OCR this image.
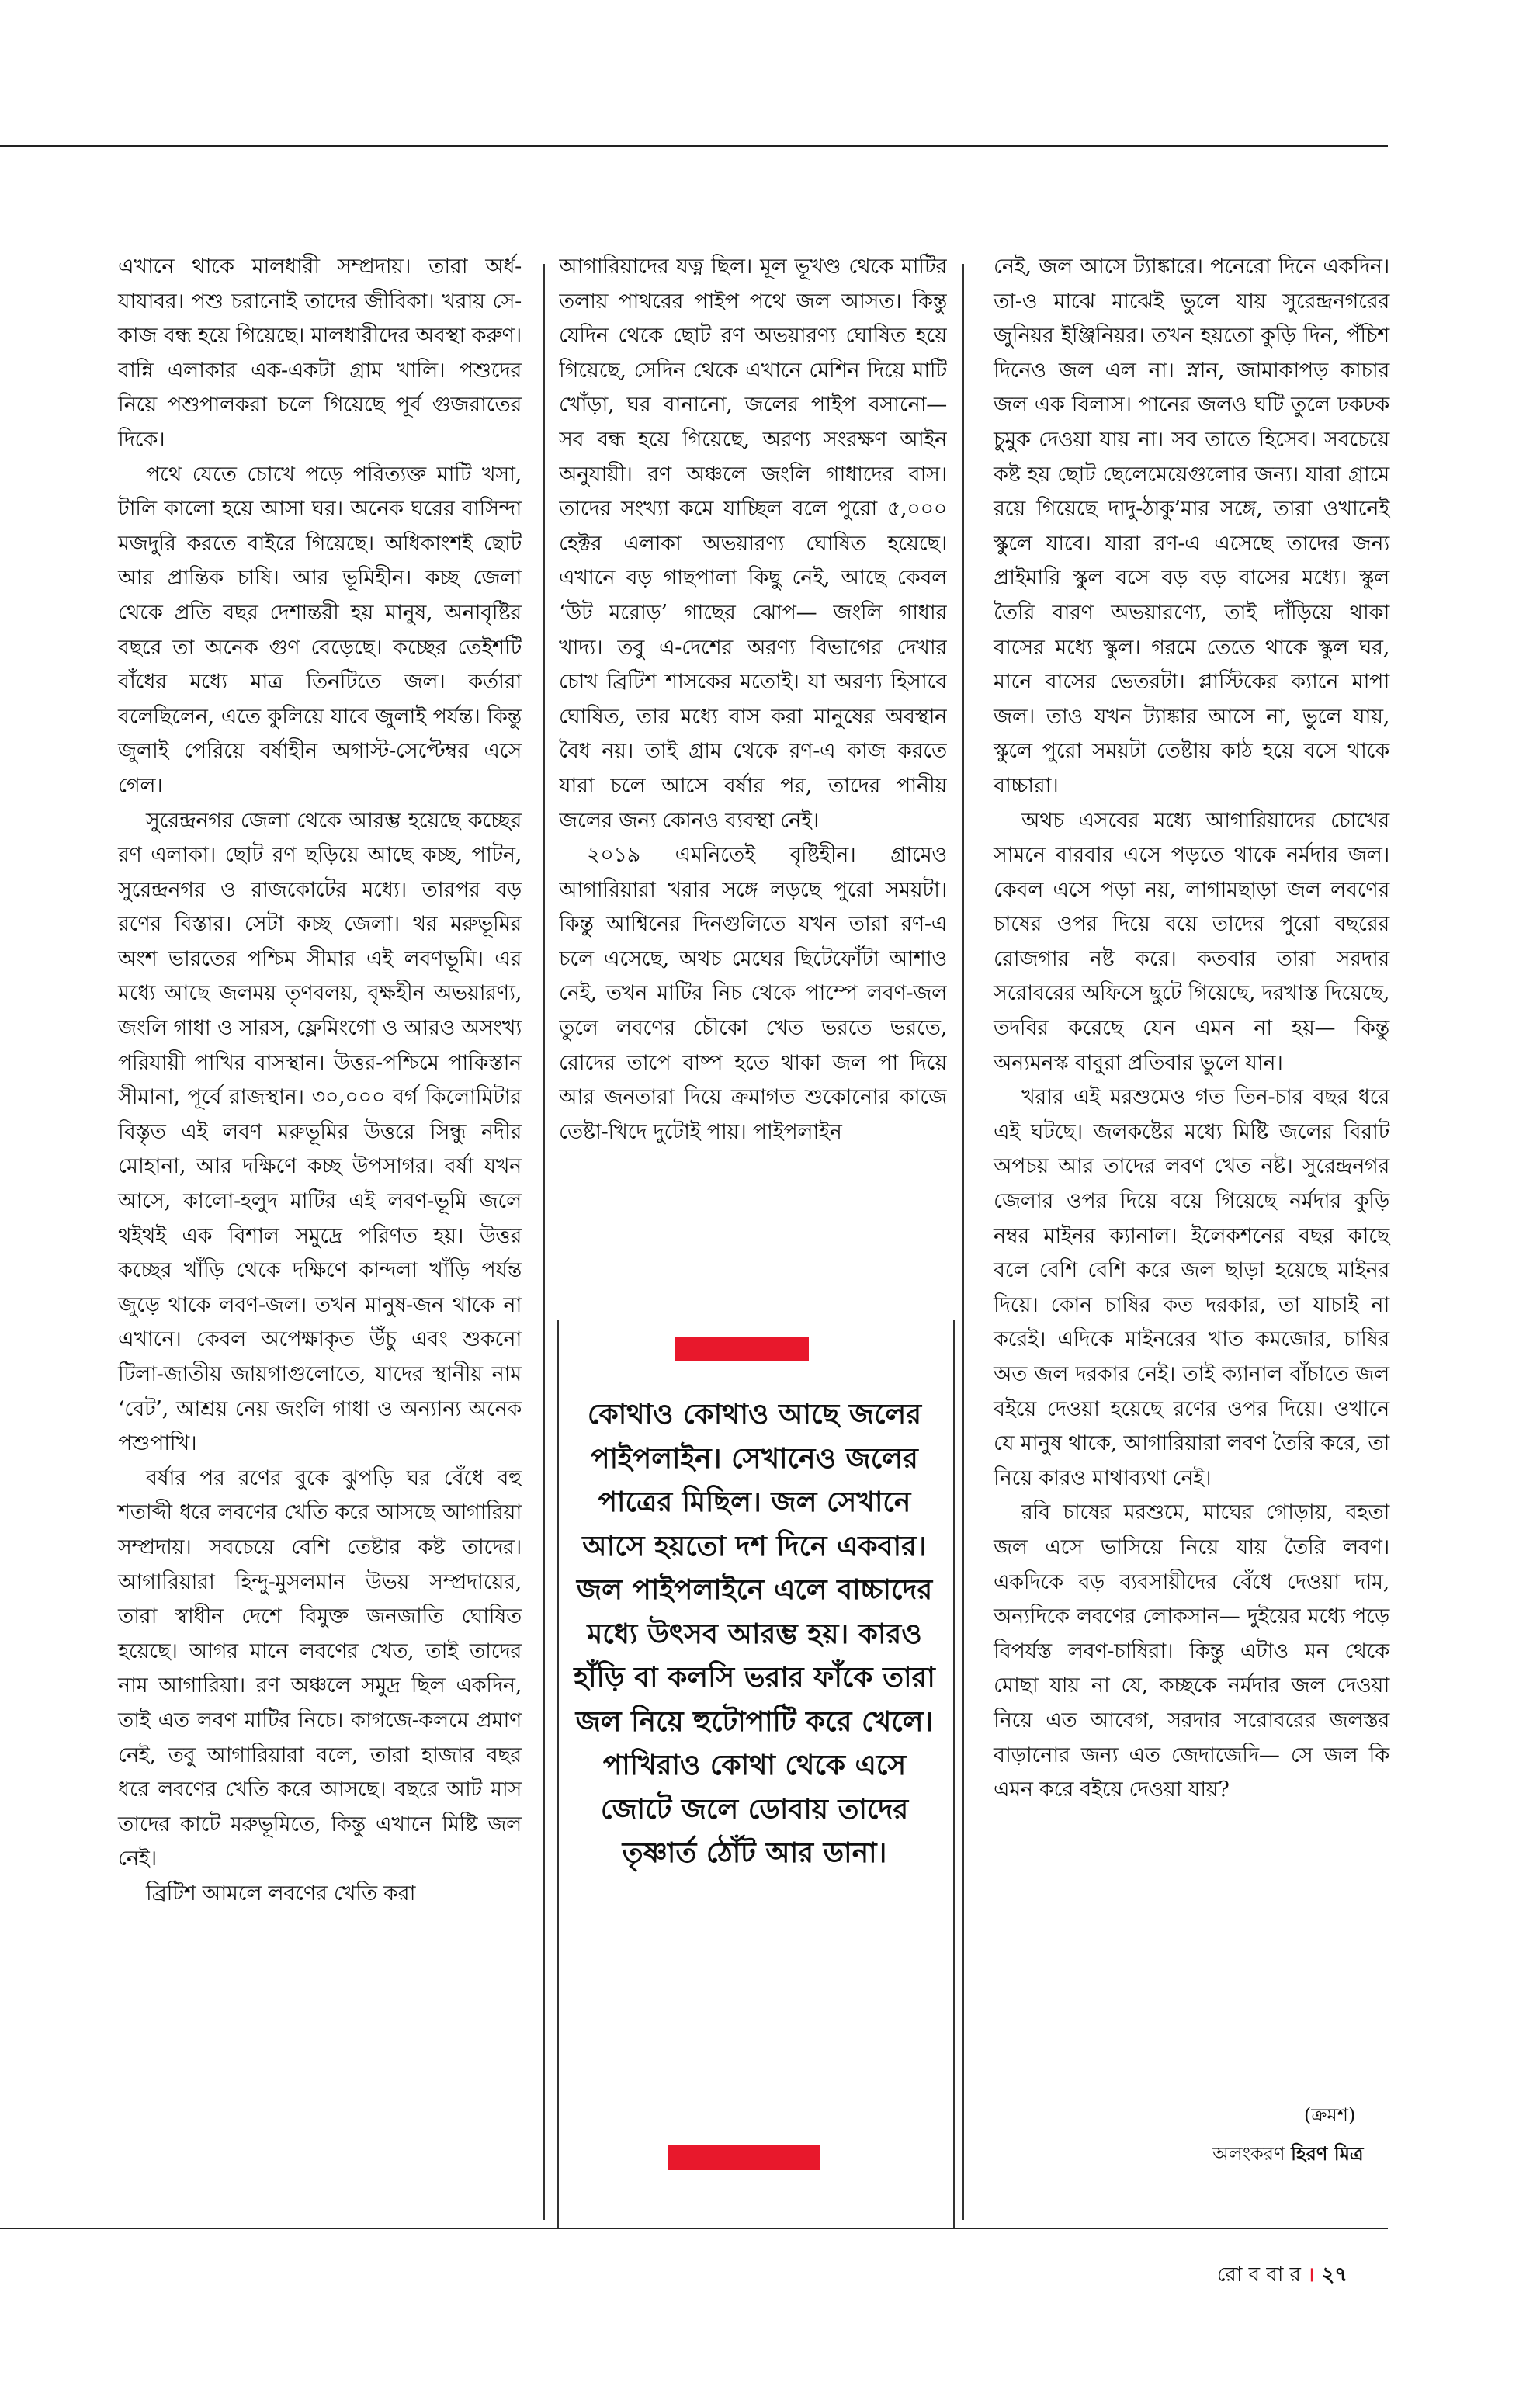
এখানে থাকে মালধারী সম্প্রদায়। তারা অর্ধ-যাযাবর। পশু চরানোই তাদের জীবিকা। খরায় সে-কাজ বন্ধ হয়ে গিয়েছে। মালধারীদের অবস্থা করুণ। বান্নি এলাকার এক-একটা গ্রাম খালি। পশুদের নিয়ে পশুপালকরা চলে গিয়েছে পূর্ব গুজরাতের দিকে।

পথে যেতে চোখে পড়ে পরিত্যক্ত মাটি খসা, টালি কালো হয়ে আসা ঘর। অনেক ঘরের বাসিন্দা মজদুরি করতে বাইরে গিয়েছে। অধিকাংশই ছোট আর প্রান্তিক চাষি। আর ভূমিহীন। কচ্ছ জেলা থেকে প্রতি বছর দেশান্তরী হয় মানুষ, অনাবৃষ্টির বছরে তা অনেক গুণ বেড়েছে। কচ্ছের তেইশটি বাঁধের মধ্যে মাত্র তিনটিতে জল। কর্তারা বলেছিলেন, এতে কুলিয়ে যাবে জুলাই পর্যন্ত। কিন্তু জুলাই পেরিয়ে বর্ষাহীন অগাস্ট-সেপ্টেম্বর এসে গেল।

সুরেন্দ্রনগর জেলা থেকে আরম্ভ হয়েছে কচ্ছের রণ এলাকা। ছোট রণ ছড়িয়ে আছে কচ্ছ, পাটন, সুরেন্দ্রনগর ও রাজকোটের মধ্যে। তারপর বড় রণের বিস্তার। সেটা কচ্ছ জেলা। থর মরুভূমির অংশ ভারতের পশ্চিম সীমার এই লবণভূমি। এর মধ্যে আছে জলময় তৃণবলয়, বৃক্ষহীন অভয়ারণ্য, জংলি গাধা ও সারস, ফ্লেমিংগো ও আরও অসংখ্য পরিযায়ী পাখির বাসস্থান। উত্তর-পশ্চিমে পাকিস্তান সীমানা, পূর্বে রাজস্থান। ৩০,০০০ বর্গ কিলোমিটার বিস্তৃত এই লবণ মরুভূমির উত্তরে সিন্ধু নদীর মোহানা, আর দক্ষিণে কচ্ছ উপসাগর। বর্ষা যখন আসে, কালো-হলুদ মাটির এই লবণ-ভূমি জলে থইথই এক বিশাল সমুদ্রে পরিণত হয়। উত্তর কচ্ছের খাঁড়ি থেকে দক্ষিণে কান্দলা খাঁড়ি পর্যন্ত জুড়ে থাকে লবণ-জল। তখন মানুষ-জন থাকে না এখানে। কেবল অপেক্ষাকৃত উঁচু এবং শুকনো টিলা-জাতীয় জায়গাগুলোতে, যাদের স্থানীয় নাম ‘বেট’, আশ্রয় নেয় জংলি গাধা ও অন্যান্য অনেক পশুপাখি।

বর্ষার পর রণের বুকে ঝুপড়ি ঘর বেঁধে বহু শতাব্দী ধরে লবণের খেতি করে আসছে আগারিয়া সম্প্রদায়। সবচেয়ে বেশি তেষ্টার কষ্ট তাদের। আগারিয়ারা হিন্দু-মুসলমান উভয় সম্প্রদায়ের, তারা স্বাধীন দেশে বিমুক্ত জনজাতি ঘোষিত হয়েছে। আগর মানে লবণের খেত, তাই তাদের নাম আগারিয়া। রণ অঞ্চলে সমুদ্র ছিল একদিন, তাই এত লবণ মাটির নিচে। কাগজে-কলমে প্রমাণ নেই, তবু আগারিয়ারা বলে, তারা হাজার বছর ধরে লবণের খেতি করে আসছে। বছরে আট মাস তাদের কাটে মরুভূমিতে, কিন্তু এখানে মিষ্টি জল নেই।

ব্রিটিশ আমলে লবণের খেতি করা

আগারিয়াদের যত্ন ছিল। মূল ভূখণ্ড থেকে মাটির তলায় পাথরের পাইপ পথে জল আসত। কিন্তু যেদিন থেকে ছোট রণ অভয়ারণ্য ঘোষিত হয়ে গিয়েছে, সেদিন থেকে এখানে মেশিন দিয়ে মাটি খোঁড়া, ঘর বানানো, জলের পাইপ বসানো— সব বন্ধ হয়ে গিয়েছে, অরণ্য সংরক্ষণ আইন অনুযায়ী। রণ অঞ্চলে জংলি গাধাদের বাস। তাদের সংখ্যা কমে যাচ্ছিল বলে পুরো ৫,০০০ হেক্টর এলাকা অভয়ারণ্য ঘোষিত হয়েছে। এখানে বড় গাছপালা কিছু নেই, আছে কেবল ‘উট মরোড়’ গাছের ঝোপ— জংলি গাধার খাদ্য। তবু এ-দেশের অরণ্য বিভাগের দেখার চোখ ব্রিটিশ শাসকের মতোই। যা অরণ্য হিসাবে ঘোষিত, তার মধ্যে বাস করা মানুষের অবস্থান বৈধ নয়। তাই গ্রাম থেকে রণ-এ কাজ করতে যারা চলে আসে বর্ষার পর, তাদের পানীয় জলের জন্য কোনও ব্যবস্থা নেই।

২০১৯ এমনিতেই বৃষ্টিহীন। গ্রামেও আগারিয়ারা খরার সঙ্গে লড়ছে পুরো সময়টা। কিন্তু আশ্বিনের দিনগুলিতে যখন তারা রণ-এ চলে এসেছে, অথচ মেঘের ছিটেফোঁটা আশাও নেই, তখন মাটির নিচ থেকে পাম্পে লবণ-জল তুলে লবণের চৌকো খেত ভরতে ভরতে, রোদের তাপে বাষ্প হতে থাকা জল পা দিয়ে আর জনতারা দিয়ে ক্রমাগত শুকোনোর কাজে তেষ্টা-খিদে দুটোই পায়। পাইপলাইন

কোথাও কোথাও আছে জলের পাইপলাইন। সেখানেও জলের পাত্রের মিছিল। জল সেখানে আসে হয়তো দশ দিনে একবার। জল পাইপলাইনে এলে বাচ্চাদের মধ্যে উৎসব আরম্ভ হয়। কারও হাঁড়ি বা কলসি ভরার ফাঁকে তারা জল নিয়ে হুটোপাটি করে খেলে। পাখিরাও কোথা থেকে এসে জোটে জলে ডোবায় তাদের তৃষ্ণার্ত ঠোঁট আর ডানা।

নেই, জল আসে ট্যাঙ্কারে। পনেরো দিনে একদিন। তা-ও মাঝে মাঝেই ভুলে যায় সুরেন্দ্রনগরের জুনিয়র ইঞ্জিনিয়র। তখন হয়তো কুড়ি দিন, পঁচিশ দিনেও জল এল না। স্নান, জামাকাপড় কাচার জল এক বিলাস। পানের জলও ঘটি তুলে ঢকঢক চুমুক দেওয়া যায় না। সব তাতে হিসেব। সবচেয়ে কষ্ট হয় ছোট ছেলেমেয়েগুলোর জন্য। যারা গ্রামে রয়ে গিয়েছে দাদু-ঠাকু’মার সঙ্গে, তারা ওখানেই স্কুলে যাবে। যারা রণ-এ এসেছে তাদের জন্য প্রাইমারি স্কুল বসে বড় বড় বাসের মধ্যে। স্কুল তৈরি বারণ অভয়ারণ্যে, তাই দাঁড়িয়ে থাকা বাসের মধ্যে স্কুল। গরমে তেতে থাকে স্কুল ঘর, মানে বাসের ভেতরটা। প্লাস্টিকের ক্যানে মাপা জল। তাও যখন ট্যাঙ্কার আসে না, ভুলে যায়, স্কুলে পুরো সময়টা তেষ্টায় কাঠ হয়ে বসে থাকে বাচ্চারা।

অথচ এসবের মধ্যে আগারিয়াদের চোখের সামনে বারবার এসে পড়তে থাকে নর্মদার জল। কেবল এসে পড়া নয়, লাগামছাড়া জল লবণের চাষের ওপর দিয়ে বয়ে তাদের পুরো বছরের রোজগার নষ্ট করে। কতবার তারা সরদার সরোবরের অফিসে ছুটে গিয়েছে, দরখাস্ত দিয়েছে, তদবির করেছে যেন এমন না হয়— কিন্তু অন্যমনস্ক বাবুরা প্রতিবার ভুলে যান।

খরার এই মরশুমেও গত তিন-চার বছর ধরে এই ঘটছে। জলকষ্টের মধ্যে মিষ্টি জলের বিরাট অপচয় আর তাদের লবণ খেত নষ্ট। সুরেন্দ্রনগর জেলার ওপর দিয়ে বয়ে গিয়েছে নর্মদার কুড়ি নম্বর মাইনর ক্যানাল। ইলেকশনের বছর কাছে বলে বেশি বেশি করে জল ছাড়া হয়েছে মাইনর দিয়ে। কোন চাষির কত দরকার, তা যাচাই না করেই। এদিকে মাইনরের খাত কমজোর, চাষির অত জল দরকার নেই। তাই ক্যানাল বাঁচাতে জল বইয়ে দেওয়া হয়েছে রণের ওপর দিয়ে। ওখানে যে মানুষ থাকে, আগারিয়ারা লবণ তৈরি করে, তা নিয়ে কারও মাথাব্যথা নেই।

রবি চাষের মরশুমে, মাঘের গোড়ায়, বহতা জল এসে ভাসিয়ে নিয়ে যায় তৈরি লবণ। একদিকে বড় ব্যবসায়ীদের বেঁধে দেওয়া দাম, অন্যদিকে লবণের লোকসান— দুইয়ের মধ্যে পড়ে বিপর্যস্ত লবণ-চাষিরা। কিন্তু এটাও মন থেকে মোছা যায় না যে, কচ্ছকে নর্মদার জল দেওয়া নিয়ে এত আবেগ, সরদার সরোবরের জলস্তর বাড়ানোর জন্য এত জেদাজেদি— সে জল কি এমন করে বইয়ে দেওয়া যায়?

(ক্রমশ)
অলংকরণ হিরণ মিত্র
রো ব বা র । ২৭
